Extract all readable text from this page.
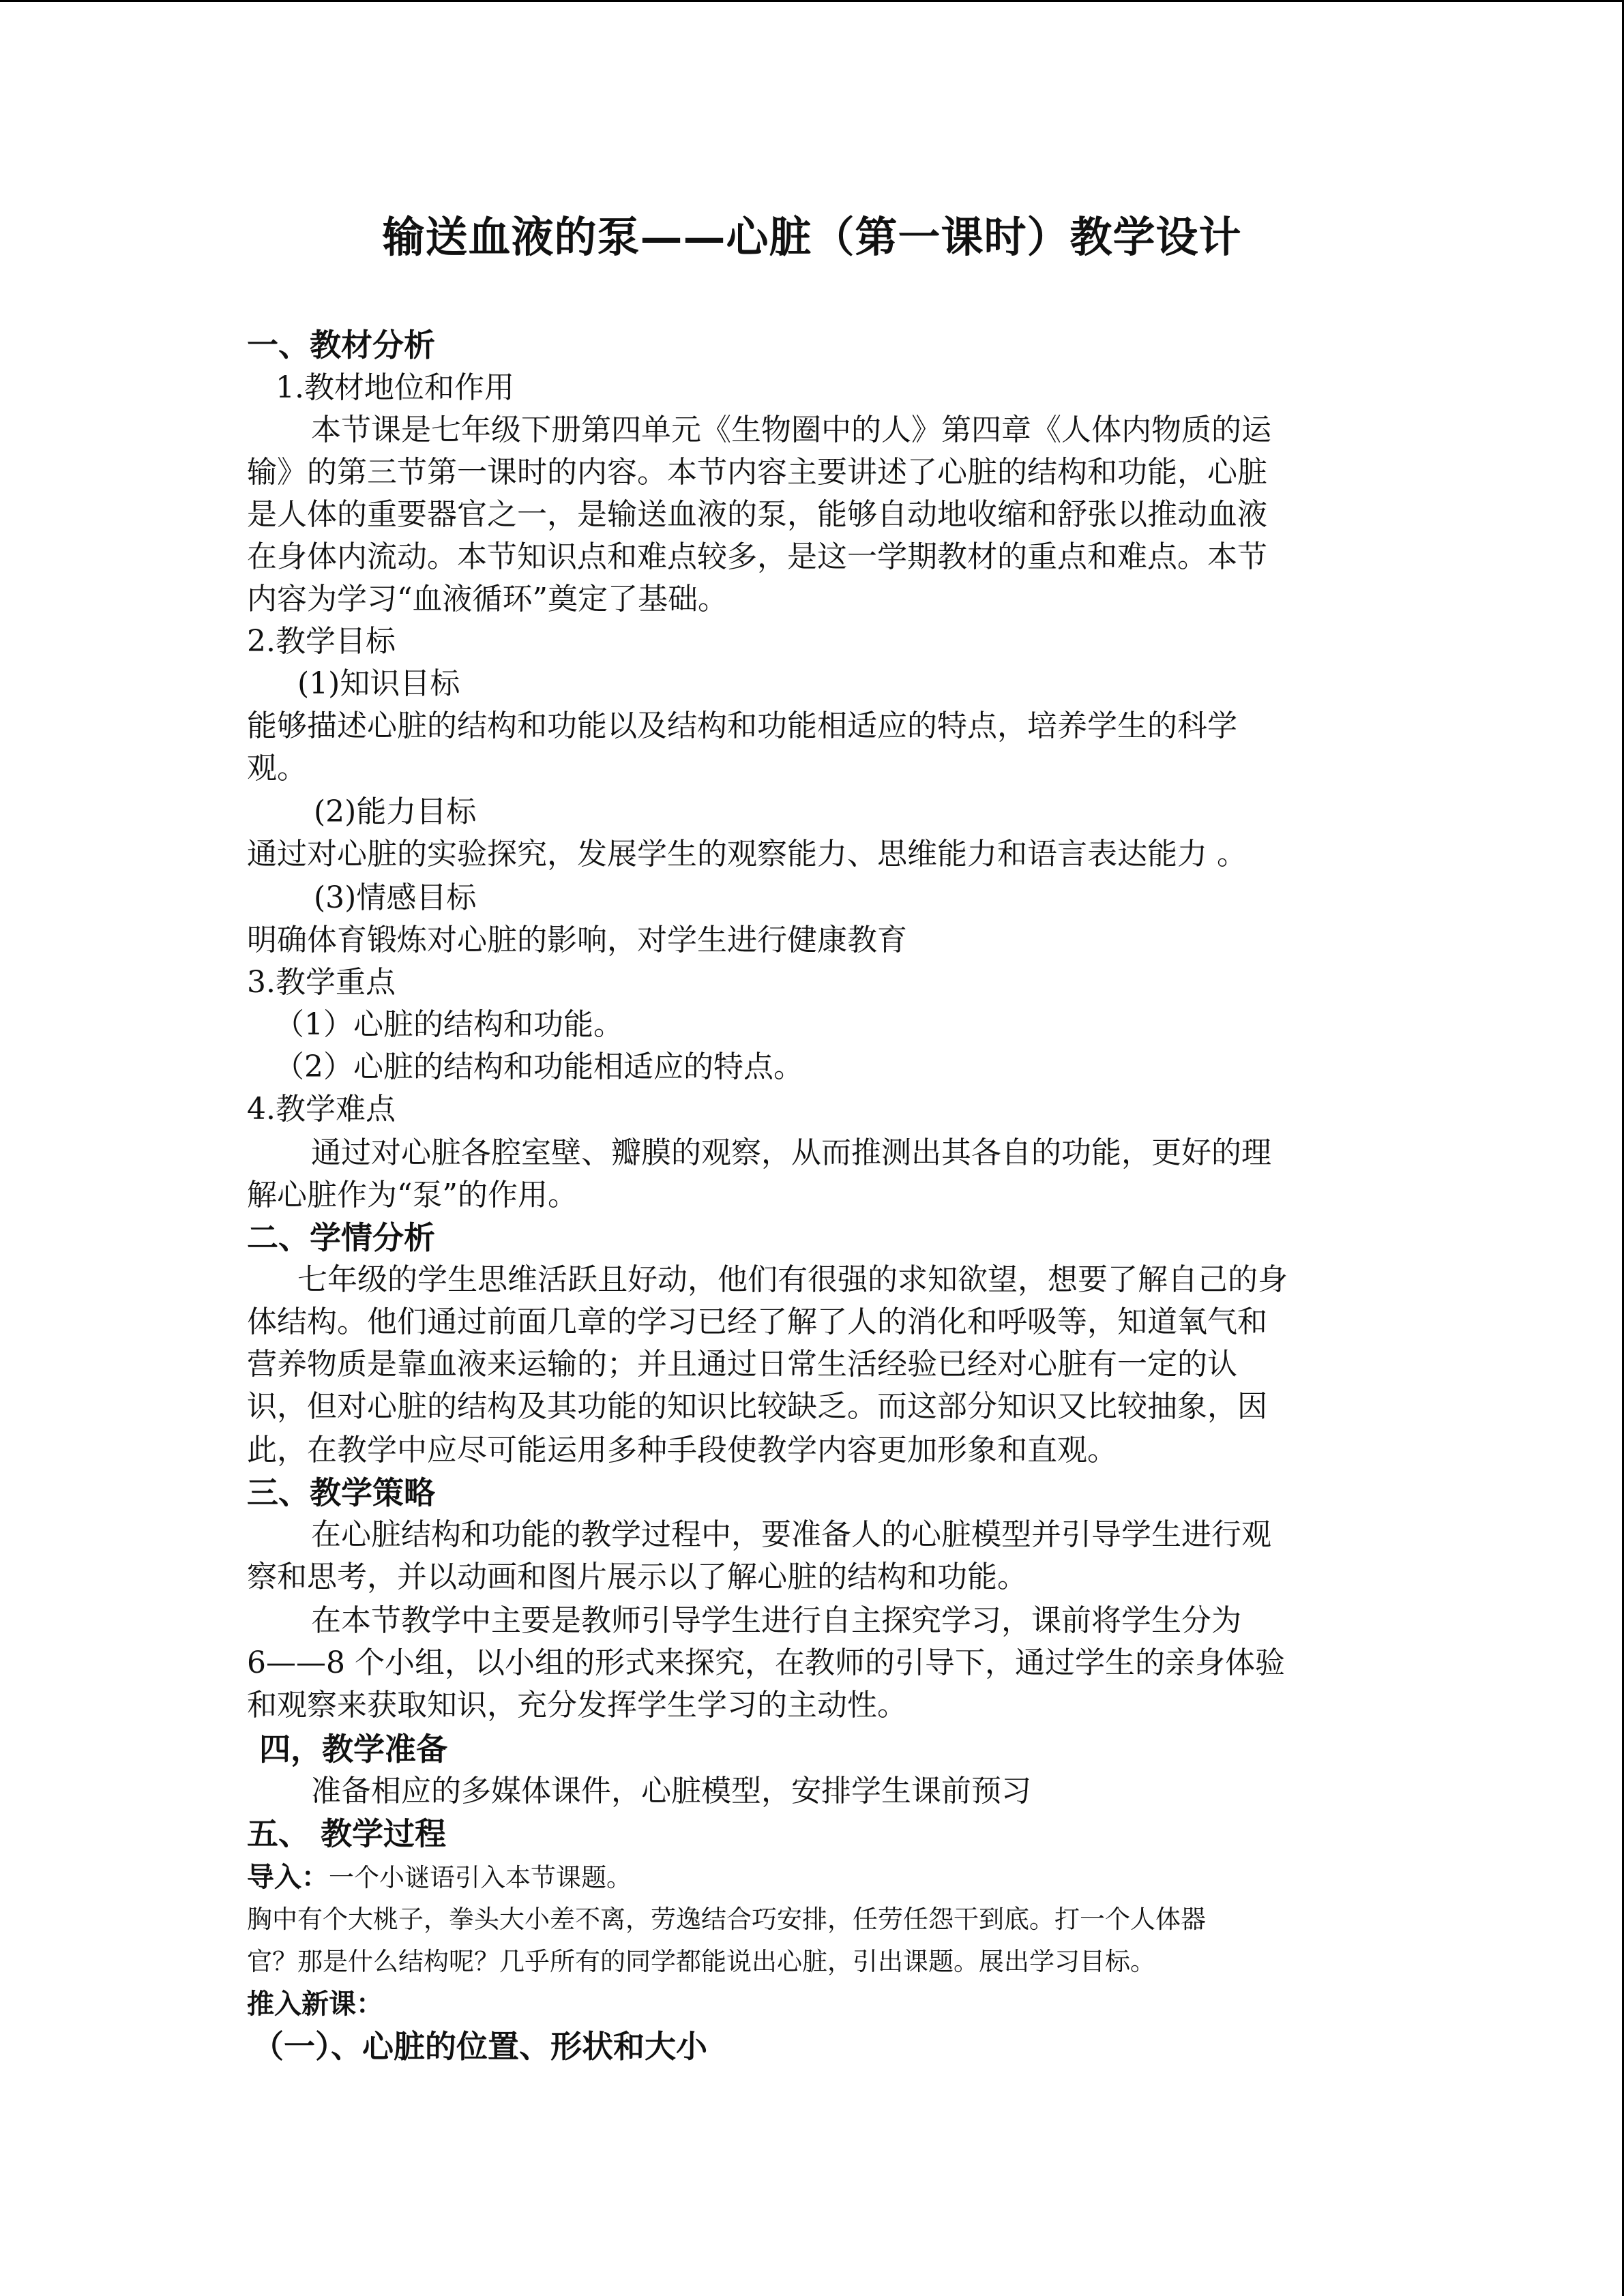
输送血液的泵——心脏（第一课时）教学设计
一、教材分析
1.教材地位和作用
本节课是七年级下册第四单元《生物圈中的人》第四章《人体内物质的运
输》的第三节第一课时的内容。本节内容主要讲述了心脏的结构和功能，心脏
是人体的重要器官之一，是输送血液的泵，能够自动地收缩和舒张以推动血液
在身体内流动。本节知识点和难点较多，是这一学期教材的重点和难点。本节
内容为学习“血液循环”奠定了基础。
2.教学目标
(1)知识目标
能够描述心脏的结构和功能以及结构和功能相适应的特点，培养学生的科学
观。
(2)能力目标
通过对心脏的实验探究，发展学生的观察能力、思维能力和语言表达能力 。
(3)情感目标
明确体育锻炼对心脏的影响，对学生进行健康教育
3.教学重点
（1）心脏的结构和功能。
（2）心脏的结构和功能相适应的特点。
4.教学难点
通过对心脏各腔室壁、瓣膜的观察，从而推测出其各自的功能，更好的理
解心脏作为“泵”的作用。
二、学情分析
七年级的学生思维活跃且好动，他们有很强的求知欲望，想要了解自己的身
体结构。他们通过前面几章的学习已经了解了人的消化和呼吸等，知道氧气和
营养物质是靠血液来运输的；并且通过日常生活经验已经对心脏有一定的认
识，但对心脏的结构及其功能的知识比较缺乏。而这部分知识又比较抽象，因
此，在教学中应尽可能运用多种手段使教学内容更加形象和直观。
三、教学策略
在心脏结构和功能的教学过程中，要准备人的心脏模型并引导学生进行观
察和思考，并以动画和图片展示以了解心脏的结构和功能。
在本节教学中主要是教师引导学生进行自主探究学习，课前将学生分为
6——8 个小组，以小组的形式来探究，在教师的引导下，通过学生的亲身体验
和观察来获取知识，充分发挥学生学习的主动性。
四，教学准备
准备相应的多媒体课件，心脏模型，安排学生课前预习
五、 教学过程
导入：一个小谜语引入本节课题。
胸中有个大桃子，拳头大小差不离，劳逸结合巧安排，任劳任怨干到底。打一个人体器
官？那是什么结构呢？几乎所有的同学都能说出心脏，引出课题。展出学习目标。
推入新课：
（一）、心脏的位置、形状和大小
